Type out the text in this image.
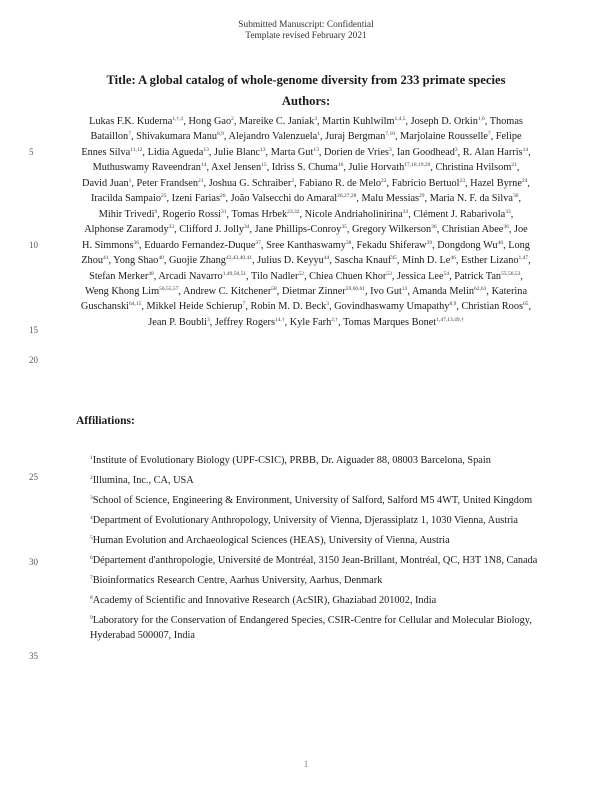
Submitted Manuscript: Confidential
Template revised February 2021
Title: A global catalog of whole-genome diversity from 233 primate species
Authors:
Lukas F.K. Kuderna$^{1,\dagger,\ddagger}$, Hong Gao$^2$, Mareike C. Janiak$^3$, Martin Kuhlwilm$^{1,4,5}$, Joseph D. Orkin$^{1,6}$, Thomas Bataillon$^7$, Shivakumara Manu$^{8,9}$, Alejandro Valenzuela$^1$, Juraj Bergman$^{7,10}$, Marjolaine Rousselle$^7$, Felipe Ennes Silva$^{11,12}$, Lidia Agueda$^{13}$, Julie Blanc$^{13}$, Marta Gut$^{13}$, Dorien de Vries$^3$, Ian Goodhead$^3$, R. Alan Harris$^{14}$, Muthuswamy Raveendran$^{14}$, Axel Jensen$^{15}$, Idriss S. Chuma$^{16}$, Julie Horvath$^{17,18,19,20}$, Christina Hvilsom$^{21}$, David Juan$^1$, Peter Frandsen$^{21}$, Joshua G. Schraiber$^2$, Fabiano R. de Melo$^{22}$, Fabrício Bertuol$^{23}$, Hazel Byrne$^{24}$, Iracilda Sampaio$^{25}$, Izeni Farias$^{26}$, João Valsecchi do Amaral$^{26,27,28}$, Malu Messias$^{29}$, Maria N. F. da Silva$^{30}$, Mihir Trivedi$^9$, Rogerio Rossi$^{31}$, Tomas Hrbek$^{23,32}$, Nicole Andriaholinirina$^{33}$, Clément J. Rabarivola$^{33}$, Alphonse Zaramody$^{33}$, Clifford J. Jolly$^{34}$, Jane Phillips-Conroy$^{35}$, Gregory Wilkerson$^{36}$, Christian Abee$^{36}$, Joe H. Simmons$^{36}$, Eduardo Fernandez-Duque$^{37}$, Sree Kanthaswamy$^{38}$, Fekadu Shiferaw$^{39}$, Dongdong Wu$^{40}$, Long Zhou$^{41}$, Yong Shao$^{40}$, Guojie Zhang$^{42,43,40,41}$, Julius D. Keyyu$^{44}$, Sascha Knauf$^{45}$, Minh D. Le$^{46}$, Esther Lizano$^{1,47}$, Stefan Merker$^{48}$, Arcadi Navarro$^{1,49,50,51}$, Tilo Nadler$^{52}$, Chiea Chuen Khor$^{53}$, Jessica Lee$^{54}$, Patrick Tan$^{55,56,53}$, Weng Khong Lim$^{56,55,57}$, Andrew C. Kitchener$^{58}$, Dietmar Zinner$^{59,60,61}$, Ivo Gut$^{13}$, Amanda Melin$^{62,63}$, Katerina Guschanski$^{64,15}$, Mikkel Heide Schierup$^7$, Robin M. D. Beck$^3$, Govindhaswamy Umapathy$^{8,9}$, Christian Roos$^{65}$, Jean P. Boubli$^3$, Jeffrey Rogers$^{14,\dagger}$, Kyle Farh$^{2,\dagger}$, Tomas Marques Bonet$^{1,47,13,49,\dagger}$
5
10
15
20
25
30
35
Affiliations:
$^1$Institute of Evolutionary Biology (UPF-CSIC), PRBB, Dr. Aiguader 88, 08003 Barcelona, Spain
$^2$Illumina, Inc., CA, USA
$^3$School of Science, Engineering & Environment, University of Salford, Salford M5 4WT, United Kingdom
$^4$Department of Evolutionary Anthropology, University of Vienna, Djerassiplatz 1, 1030 Vienna, Austria
$^5$Human Evolution and Archaeological Sciences (HEAS), University of Vienna, Austria
$^6$Département d'anthropologie, Université de Montréal, 3150 Jean-Brillant, Montréal, QC, H3T 1N8, Canada
$^7$Bioinformatics Research Centre, Aarhus University, Aarhus, Denmark
$^8$Academy of Scientific and Innovative Research (AcSIR), Ghaziabad 201002, India
$^9$Laboratory for the Conservation of Endangered Species, CSIR-Centre for Cellular and Molecular Biology, Hyderabad 500007, India
1
